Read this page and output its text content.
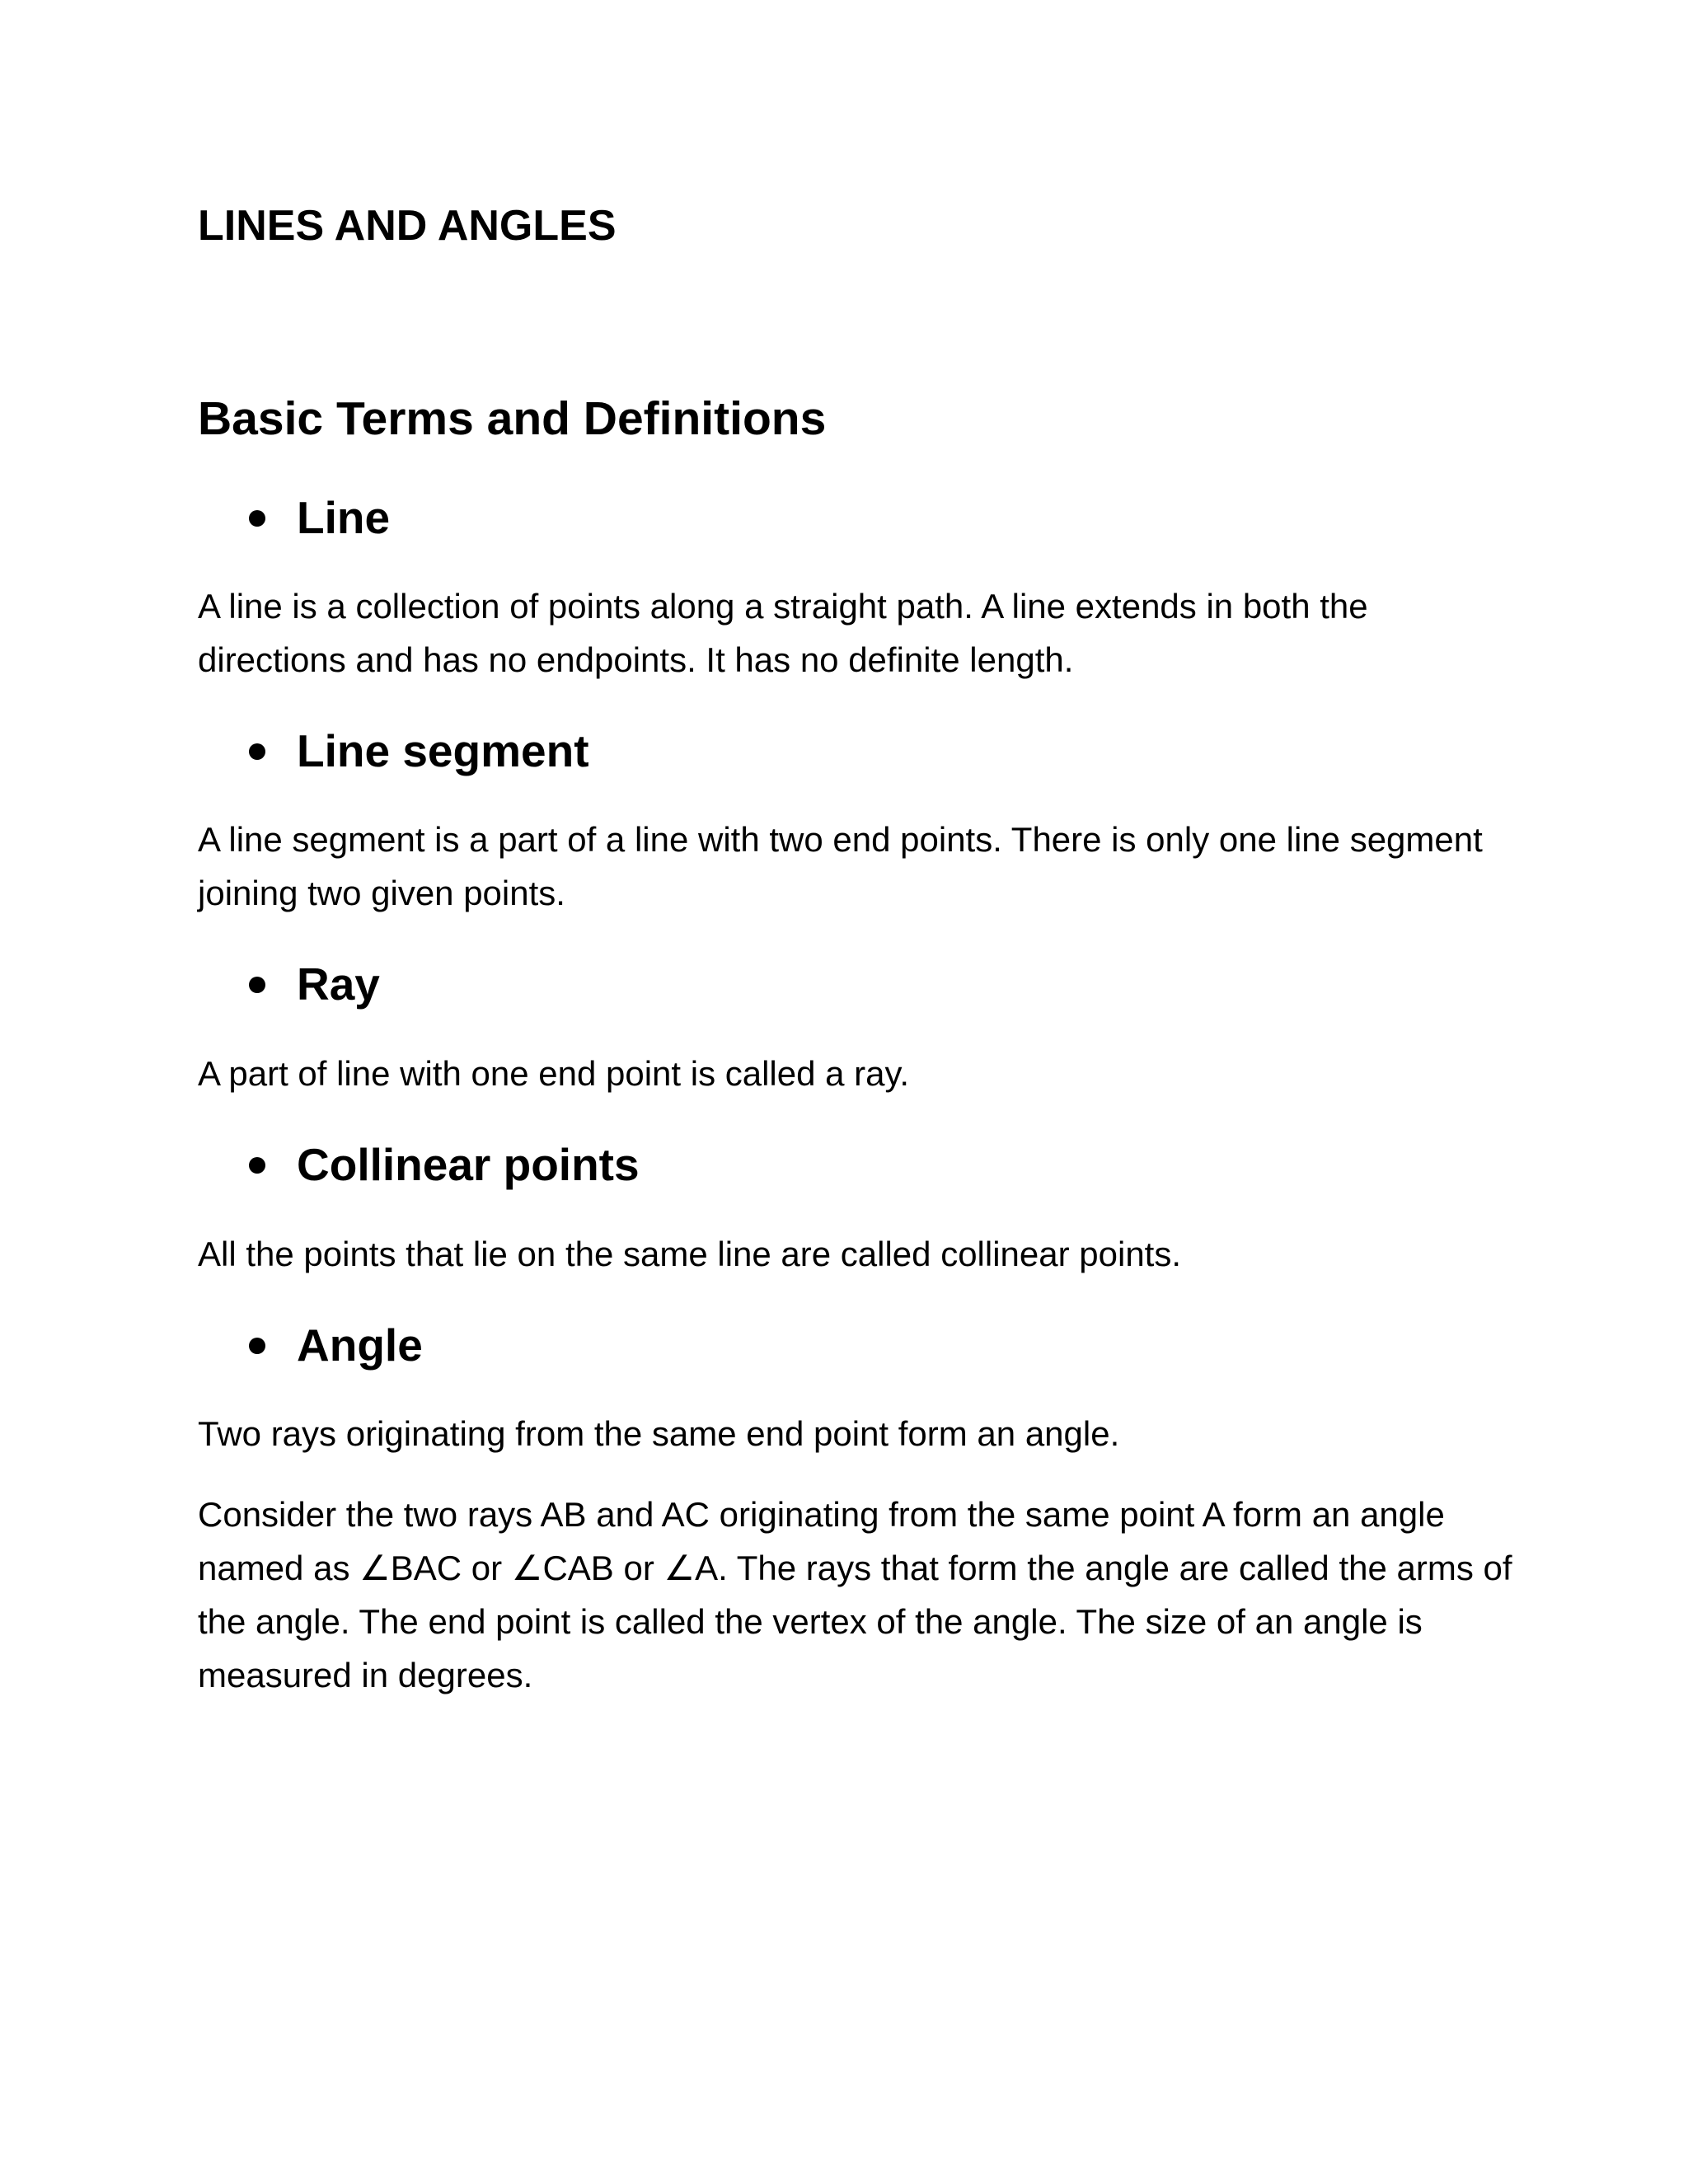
LINES AND ANGLES
Basic Terms and Definitions
Line

A line is a collection of points along a straight path. A line extends in both the directions and has no endpoints. It has no definite length.

Line segment

A line segment is a part of a line with two end points. There is only one line segment joining two given points.

Ray

A part of line with one end point is called a ray.

Collinear points

All the points that lie on the same line are called collinear points.

Angle

Two rays originating from the same end point form an angle.

Consider the two rays AB and AC originating from the same point A form an angle named as ∠BAC or ∠CAB or ∠A. The rays that form the angle are called the arms of the angle. The end point is called the vertex of the angle. The size of an angle is measured in degrees.
